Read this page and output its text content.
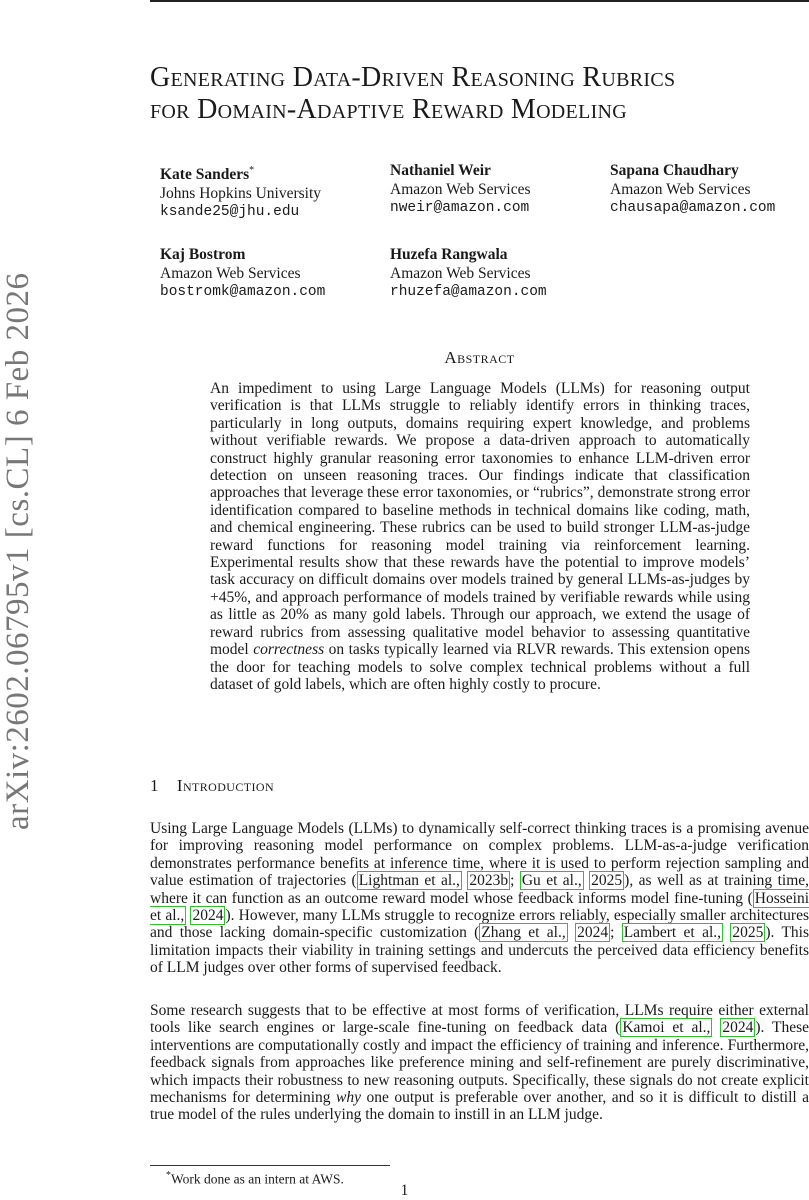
arXiv:2602.06795v1 [cs.CL] 6 Feb 2026
Generating Data-Driven Reasoning Rubrics
for Domain-Adaptive Reward Modeling
Kate Sanders*
Johns Hopkins University
ksande25@jhu.edu
Nathaniel Weir
Amazon Web Services
nweir@amazon.com
Sapana Chaudhary
Amazon Web Services
chausapa@amazon.com
Kaj Bostrom
Amazon Web Services
bostromk@amazon.com
Huzefa Rangwala
Amazon Web Services
rhuzefa@amazon.com
Abstract

An impediment to using Large Language Models (LLMs) for reasoning output verification is that LLMs struggle to reliably identify errors in thinking traces, particularly in long outputs, domains requiring expert knowledge, and problems without verifiable rewards. We propose a data-driven approach to automatically construct highly granular reasoning error taxonomies to enhance LLM-driven error detection on unseen reasoning traces. Our findings indicate that classification approaches that leverage these error taxonomies, or “rubrics”, demonstrate strong error identification compared to baseline methods in technical domains like coding, math, and chemical engineering. These rubrics can be used to build stronger LLM-as-judge reward functions for reasoning model training via reinforcement learning. Experimental results show that these rewards have the potential to improve models’ task accuracy on difficult domains over models trained by general LLMs-as-judges by +45%, and approach performance of models trained by verifiable rewards while using as little as 20% as many gold labels. Through our approach, we extend the usage of reward rubrics from assessing qualitative model behavior to assessing quantitative model correctness on tasks typically learned via RLVR rewards. This extension opens the door for teaching models to solve complex technical problems without a full dataset of gold labels, which are often highly costly to procure.

1 Introduction

Using Large Language Models (LLMs) to dynamically self-correct thinking traces is a promising avenue for improving reasoning model performance on complex problems. LLM-as-a-judge verification demonstrates performance benefits at inference time, where it is used to perform rejection sampling and value estimation of trajectories ( Lightman et al., 2023b ; Gu et al., 2025 ), as well as at training time, where it can function as an outcome reward model whose feedback informs model fine-tuning ( Hosseini et al., 2024 ). However, many LLMs struggle to recognize errors reliably, especially smaller architectures and those lacking domain-specific customization ( Zhang et al., 2024 ; Lambert et al., 2025 ). This limitation impacts their viability in training settings and undercuts the perceived data efficiency benefits of LLM judges over other forms of supervised feedback.

Some research suggests that to be effective at most forms of verification, LLMs require either external tools like search engines or large-scale fine-tuning on feedback data ( Kamoi et al., 2024 ). These interventions are computationally costly and impact the efficiency of training and inference. Furthermore, feedback signals from approaches like preference mining and self-refinement are purely discriminative, which impacts their robustness to new reasoning outputs. Specifically, these signals do not create explicit mechanisms for determining why one output is preferable over another, and so it is difficult to distill a true model of the rules underlying the domain to instill in an LLM judge.

*Work done as an intern at AWS.

1
